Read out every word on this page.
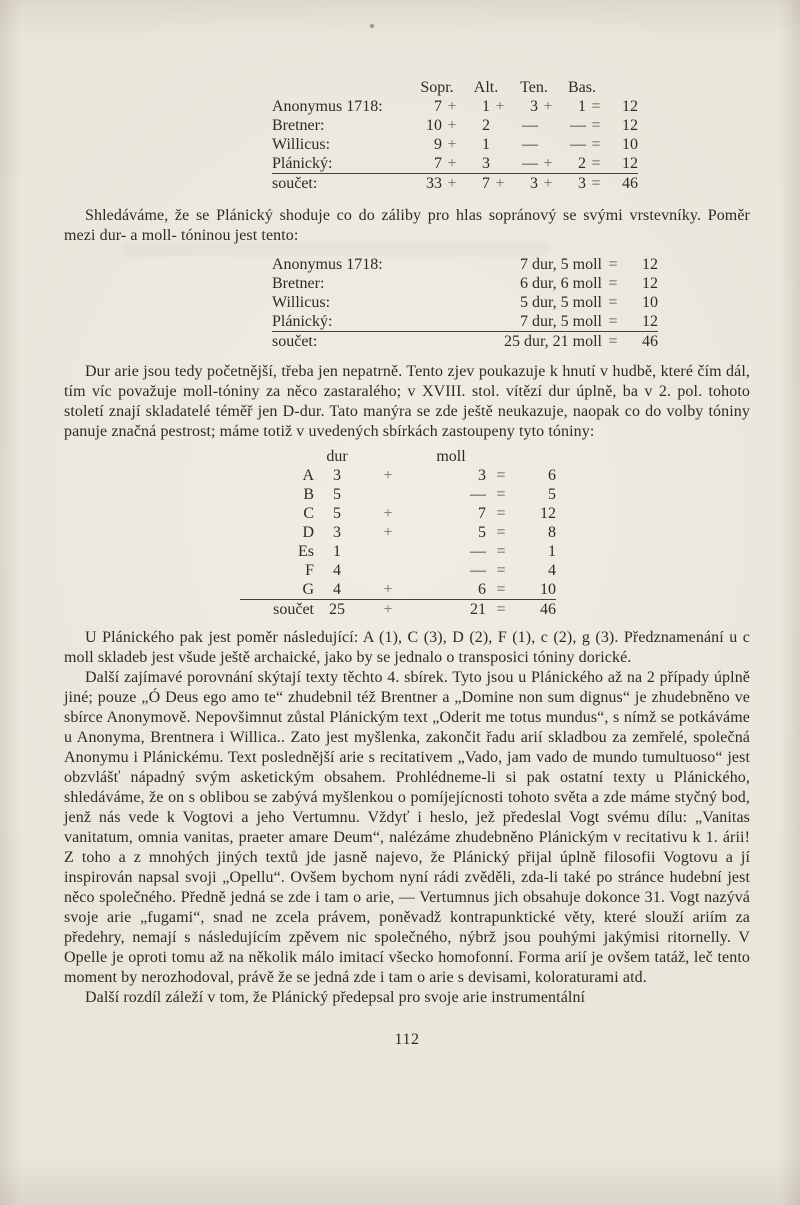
	Sopr.		Alt.		Ten.		Bas.		
Anonymus 1718:	7	+	1	+	3	+	1	=	12
Bretner:	10	+	2		—		—	=	12
Willicus:	9	+	1		—		—	=	10
Plánický:	7	+	3		—	+	2	=	12
součet:	33	+	7	+	3	+	3	=	46

Shledáváme, že se Plánický shoduje co do záliby pro hlas sopránový se svými vrstevníky. Poměr mezi dur- a moll- tóninou jest tento:

Anonymus 1718:	7 dur, 5 moll	=	12
Bretner:	6 dur, 6 moll	=	12
Willicus:	5 dur, 5 moll	=	10
Plánický:	7 dur, 5 moll	=	12
součet:	25 dur, 21 moll	=	46

Dur arie jsou tedy početnější, třeba jen nepatrně. Tento zjev poukazuje k hnutí v hudbě, které čím dál, tím víc považuje moll-tóniny za něco zastaralého; v XVIII. stol. vítězí dur úplně, ba v 2. pol. tohoto století znají skladatelé téměř jen D-dur. Tato manýra se zde ještě neukazuje, naopak co do volby tóniny panuje značná pestrost; máme totiž v uvedených sbírkách zastoupeny tyto tóniny:

	dur		moll		
A	3	+	3	=	6
B	5		—	=	5
C	5	+	7	=	12
D	3	+	5	=	8
Es	1		—	=	1
F	4		—	=	4
G	4	+	6	=	10
součet	25	+	21	=	46

U Plánického pak jest poměr následující: A (1), C (3), D (2), F (1), c (2), g (3). Předznamenání u c moll skladeb jest všude ještě archaické, jako by se jednalo o transposici tóniny dorické.

Další zajímavé porovnání skýtají texty těchto 4. sbírek. Tyto jsou u Plánického až na 2 případy úplně jiné; pouze „Ó Deus ego amo te“ zhudebnil též Brentner a „Domine non sum dignus“ je zhudebněno ve sbírce Anonymově. Nepovšimnut zůstal Plánickým text „Oderit me totus mundus“, s nímž se potkáváme u Anonyma, Brentnera i Willica.. Zato jest myšlenka, zakončit řadu arií skladbou za zemřelé, společná Anonymu i Plánickému. Text poslednější arie s recitativem „Vado, jam vado de mundo tumultuoso“ jest obzvlášť nápadný svým asketickým obsahem. Prohlédneme-li si pak ostatní texty u Plánického, shledáváme, že on s oblibou se zabývá myšlenkou o pomíjejícnosti tohoto světa a zde máme styčný bod, jenž nás vede k Vogtovi a jeho Vertumnu. Vždyť i heslo, jež předeslal Vogt svému dílu: „Vanitas vanitatum, omnia vanitas, praeter amare Deum“, nalézáme zhudebněno Plánickým v recitativu k 1. árii! Z toho a z mnohých jiných textů jde jasně najevo, že Plánický přijal úplně filosofii Vogtovu a jí inspirován napsal svoji „Opellu“. Ovšem bychom nyní rádi zvěděli, zda-li také po stránce hudební jest něco společného. Předně jedná se zde i tam o arie, — Vertumnus jich obsahuje dokonce 31. Vogt nazývá svoje arie „fugami“, snad ne zcela právem, poněvadž kontrapunktické věty, které slouží ariím za předehry, nemají s následujícím zpěvem nic společného, nýbrž jsou pouhými jakýmisi ritornelly. V Opelle je oproti tomu až na několik málo imitací všecko homofonní. Forma arií je ovšem tatáž, leč tento moment by nerozhodoval, právě že se jedná zde i tam o arie s devisami, koloraturami atd.

Další rozdíl záleží v tom, že Plánický předepsal pro svoje arie instrumentální

112
